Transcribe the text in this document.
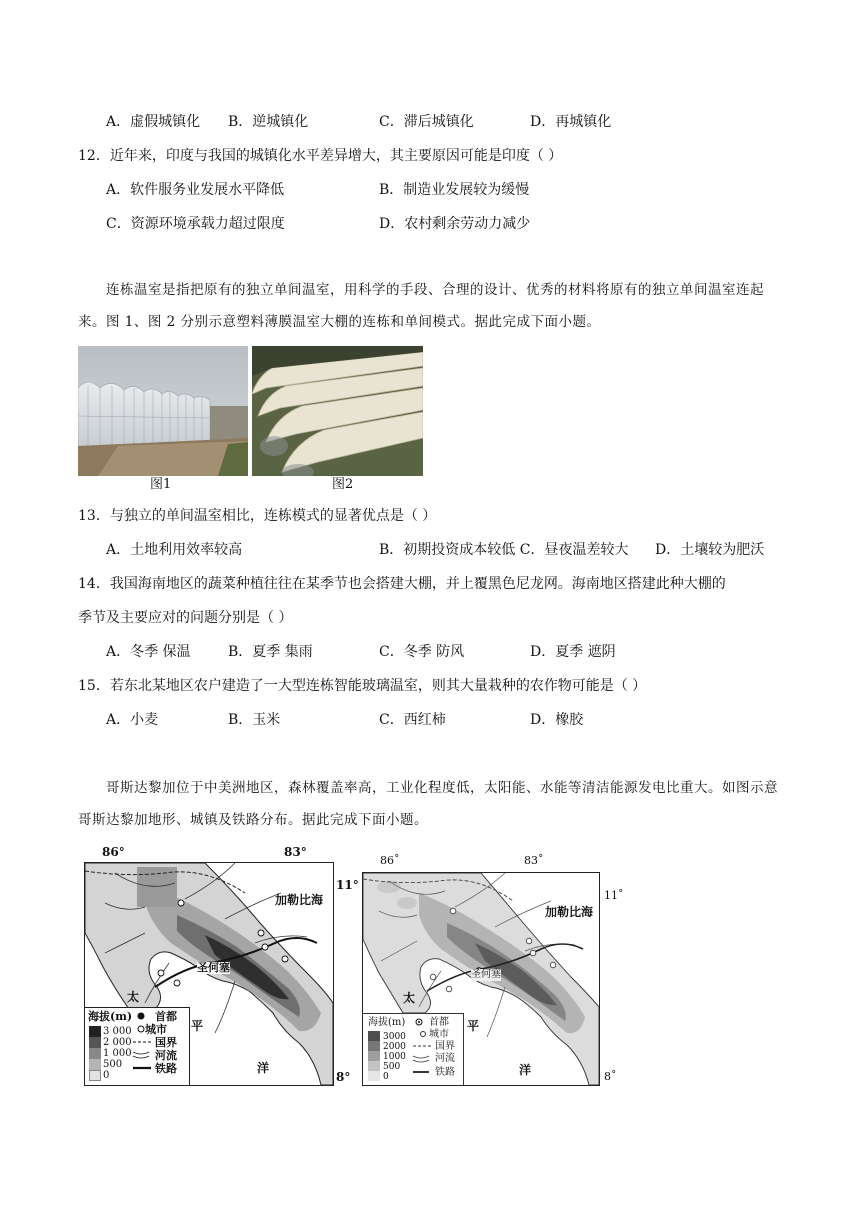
A．虚假城镇化 B．逆城镇化	C．滞后城镇化	D．再城镇化
12．近年来，印度与我国的城镇化水平差异增大，其主要原因可能是印度（ ）
A．软件服务业发展水平降低	B．制造业发展较为缓慢
C．资源环境承载力超过限度	D．农村剩余劳动力减少
连栋温室是指把原有的独立单间温室，用科学的手段、合理的设计、优秀的材料将原有的独立单间温室连起来。图 1、图 2 分别示意塑料薄膜温室大棚的连栋和单间模式。据此完成下面小题。
图1	图2
13．与独立的单间温室相比，连栋模式的显著优点是（ ）
A．土地利用效率较高	B．初期投资成本较低 C．昼夜温差较大 D．土壤较为肥沃
14．我国海南地区的蔬菜种植往往在某季节也会搭建大棚，并上覆黑色尼龙网。海南地区搭建此种大棚的
季节及主要应对的问题分别是（ ）
A．冬季 保温	B．夏季 集雨	C．冬季 防风	D．夏季 遮阴
15．若东北某地区农户建造了一大型连栋智能玻璃温室，则其大量栽种的农作物可能是（ ）
A．小麦	B．玉米	C．西红柿	D．橡胶
哥斯达黎加位于中美洲地区，森林覆盖率高，工业化程度低，太阳能、水能等清洁能源发电比重大。如图示意哥斯达黎加地形、城镇及铁路分布。据此完成下面小题。
86°	83°
11°
8°
加勒比海
圣何塞
太
平
洋
海拔(m)
3 000
2 000
1 000
500
0
首都
城市
国界
河流
铁路
86˚	83˚
11˚
8˚
加勒比海
圣何塞
太
平
洋
海拔(m)
3000
2000
1000
500
0
首都
城市
国界
河流
铁路
